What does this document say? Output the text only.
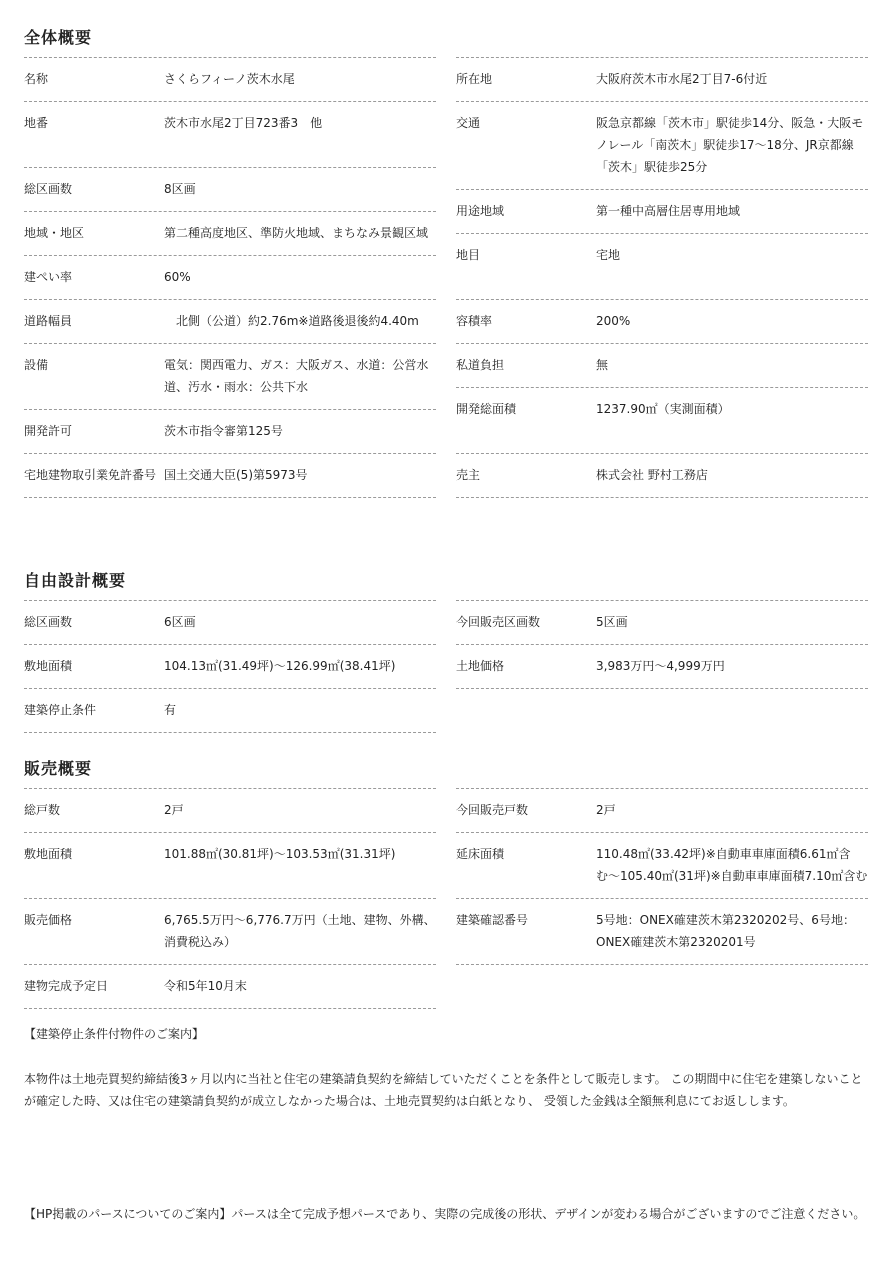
全体概要
名称	さくらフィーノ茨木水尾
地番	茨木市水尾2丁目723番3　他
総区画数	8区画
地域・地区	第二種高度地区、準防火地域、まちなみ景観区域
建ぺい率	60%
道路幅員	　北側（公道）約2.76m※道路後退後約4.40m
設備	電気：関西電力、ガス：大阪ガス、水道：公営水道、汚水・雨水：公共下水
開発許可	茨木市指令審第125号
宅地建物取引業免許番号 国土交通大臣(5)第5973号
所在地	大阪府茨木市水尾2丁目7-6付近
交通	阪急京都線「茨木市」駅徒歩14分、阪急・大阪モノレール「南茨木」駅徒歩17〜18分、JR京都線「茨木」駅徒歩25分
用途地域	第一種中高層住居専用地域
地目	宅地
容積率	200%
私道負担	無
開発総面積	1237.90㎡（実測面積）
売主	株式会社 野村工務店
自由設計概要
総区画数	6区画
敷地面積	104.13㎡(31.49坪)〜126.99㎡(38.41坪)
建築停止条件	有
今回販売区画数	5区画
土地価格	3,983万円〜4,999万円
販売概要
総戸数	2戸
敷地面積	101.88㎡(30.81坪)〜103.53㎡(31.31坪)
販売価格	6,765.5万円〜6,776.7万円（土地、建物、外構、消費税込み）
建物完成予定日	令和5年10月末
今回販売戸数	2戸
延床面積	110.48㎡(33.42坪)※自動車車庫面積6.61㎡含む〜105.40㎡(31坪)※自動車車庫面積7.10㎡含む
建築確認番号	5号地：ONEX確建茨木第2320202号、6号地：ONEX確建茨木第2320201号
【建築停止条件付物件のご案内】
本物件は土地売買契約締結後3ヶ月以内に当社と住宅の建築請負契約を締結していただくことを条件として販売します。 この期間中に住宅を建築しないことが確定した時、又は住宅の建築請負契約が成立しなかった場合は、土地売買契約は白紙となり、 受領した金銭は全額無利息にてお返しします。
【HP掲載のパースについてのご案内】パースは全て完成予想パースであり、実際の完成後の形状、デザインが変わる場合がございますのでご注意ください。
